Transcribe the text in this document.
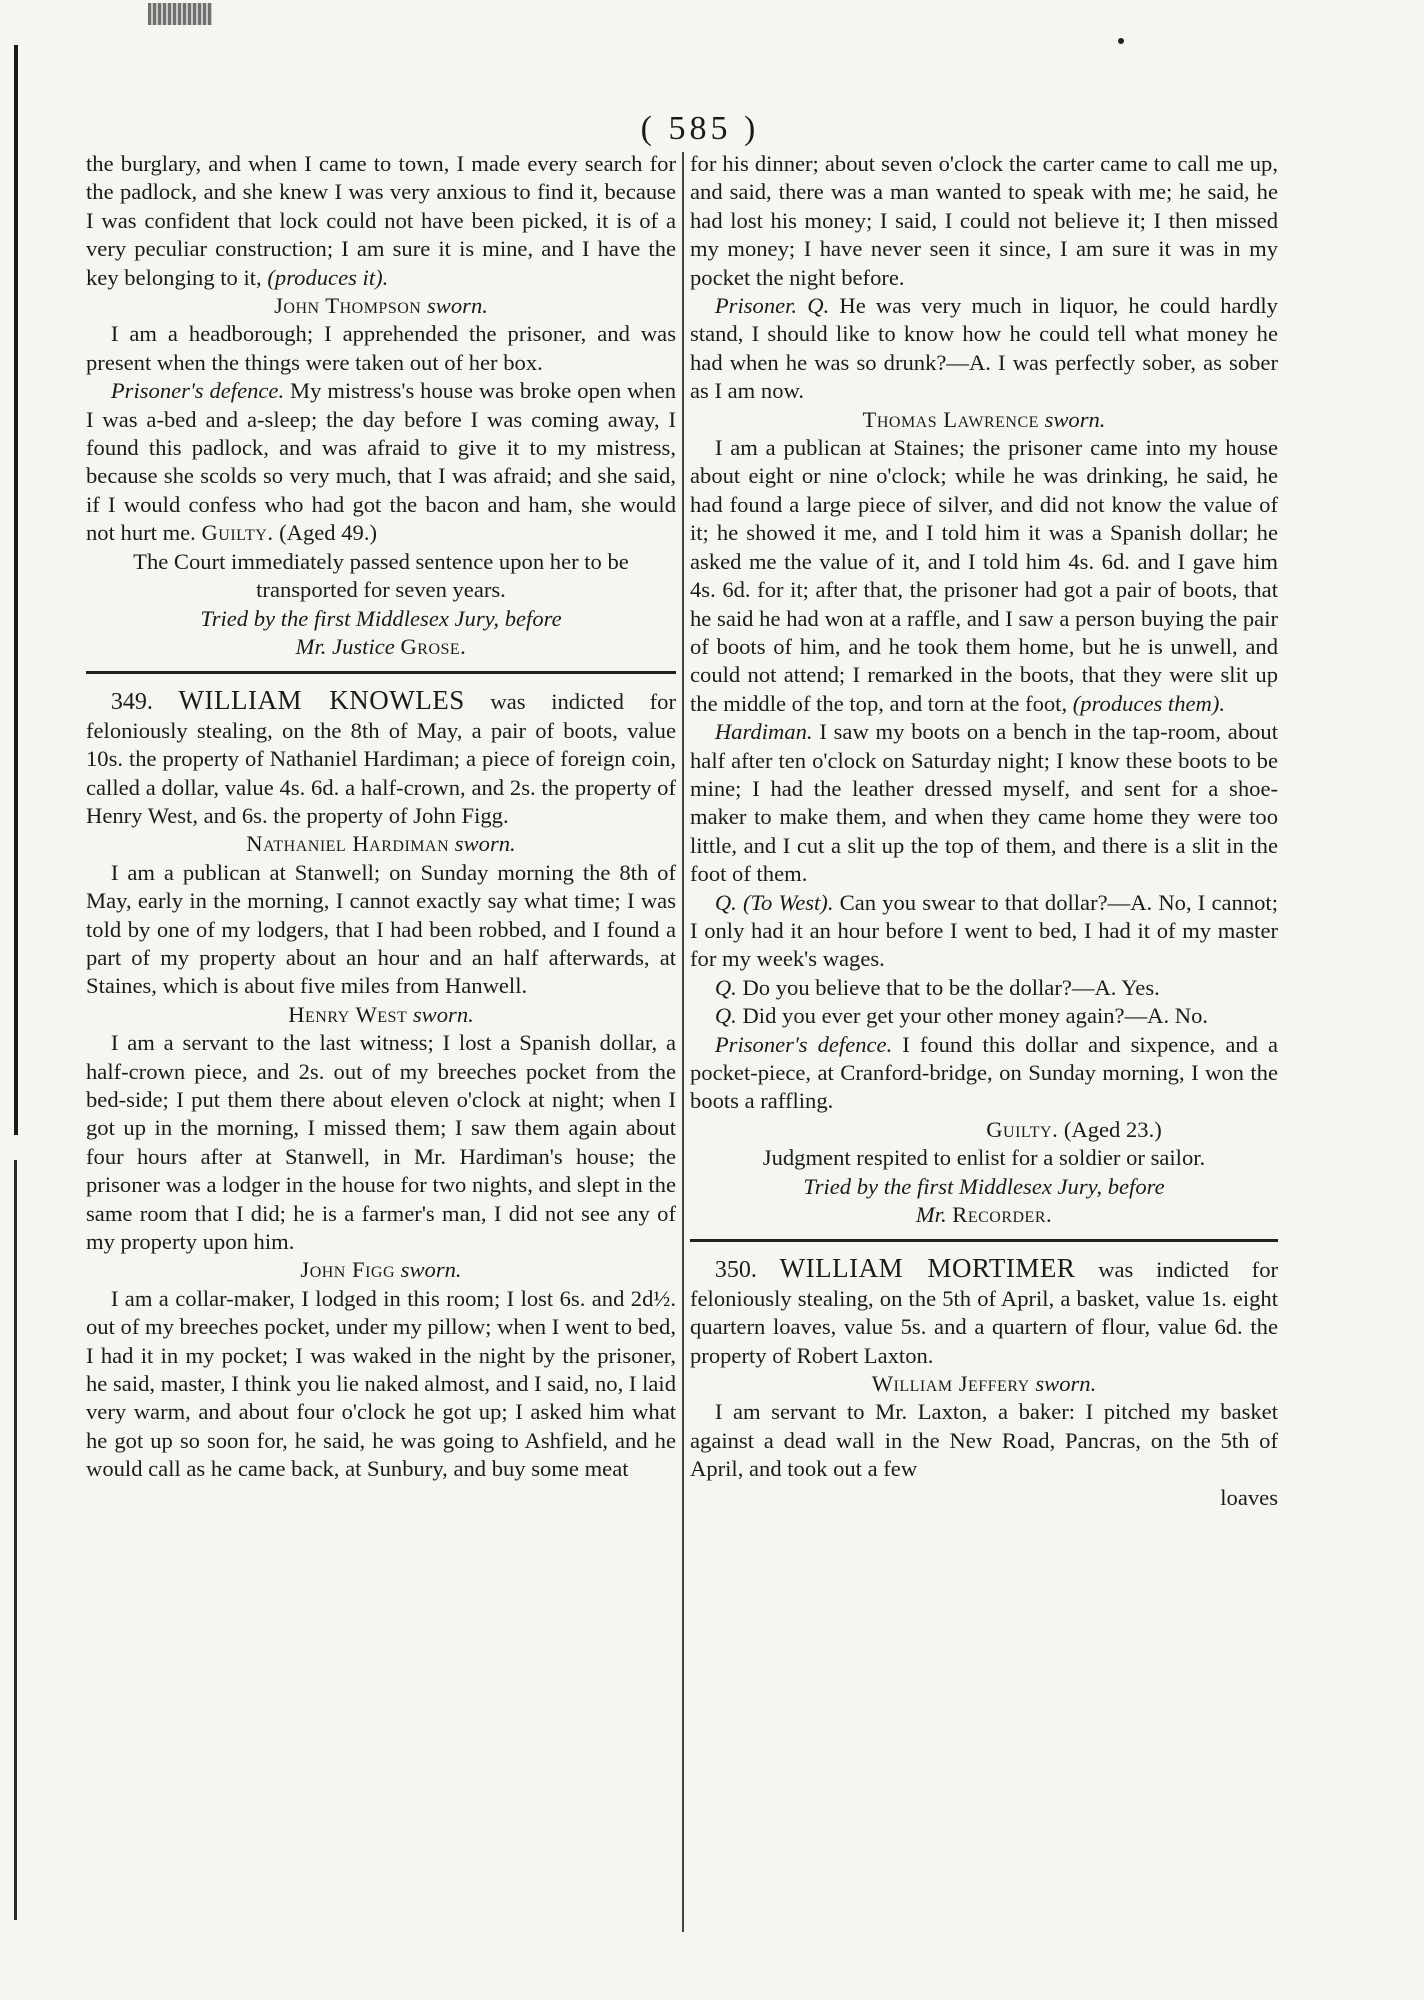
( 585 )

the burglary, and when I came to town, I made every search for the padlock, and she knew I was very anxious to find it, because I was confident that lock could not have been picked, it is of a very peculiar construction; I am sure it is mine, and I have the key belonging to it, (produces it).

John Thompson sworn.

I am a headborough; I apprehended the prisoner, and was present when the things were taken out of her box.

Prisoner's defence. My mistress's house was broke open when I was a-bed and a-sleep; the day before I was coming away, I found this padlock, and was afraid to give it to my mistress, because she scolds so very much, that I was afraid; and she said, if I would confess who had got the bacon and ham, she would not hurt me. Guilty. (Aged 49.)

The Court immediately passed sentence upon her to be transported for seven years.

Tried by the first Middlesex Jury, before
Mr. Justice Grose.

349. WILLIAM KNOWLES was indicted for feloniously stealing, on the 8th of May, a pair of boots, value 10s. the property of Nathaniel Hardiman; a piece of foreign coin, called a dollar, value 4s. 6d. a half-crown, and 2s. the property of Henry West, and 6s. the property of John Figg.

Nathaniel Hardiman sworn.

I am a publican at Stanwell; on Sunday morning the 8th of May, early in the morning, I cannot exactly say what time; I was told by one of my lodgers, that I had been robbed, and I found a part of my property about an hour and an half afterwards, at Staines, which is about five miles from Hanwell.

Henry West sworn.

I am a servant to the last witness; I lost a Spanish dollar, a half-crown piece, and 2s. out of my breeches pocket from the bed-side; I put them there about eleven o'clock at night; when I got up in the morning, I missed them; I saw them again about four hours after at Stanwell, in Mr. Hardiman's house; the prisoner was a lodger in the house for two nights, and slept in the same room that I did; he is a farmer's man, I did not see any of my property upon him.

John Figg sworn.

I am a collar-maker, I lodged in this room; I lost 6s. and 2d½. out of my breeches pocket, under my pillow; when I went to bed, I had it in my pocket; I was waked in the night by the prisoner, he said, master, I think you lie naked almost, and I said, no, I laid very warm, and about four o'clock he got up; I asked him what he got up so soon for, he said, he was going to Ashfield, and he would call as he came back, at Sunbury, and buy some meat

for his dinner; about seven o'clock the carter came to call me up, and said, there was a man wanted to speak with me; he said, he had lost his money; I said, I could not believe it; I then missed my money; I have never seen it since, I am sure it was in my pocket the night before.

Prisoner. Q. He was very much in liquor, he could hardly stand, I should like to know how he could tell what money he had when he was so drunk?—A. I was perfectly sober, as sober as I am now.

Thomas Lawrence sworn.

I am a publican at Staines; the prisoner came into my house about eight or nine o'clock; while he was drinking, he said, he had found a large piece of silver, and did not know the value of it; he showed it me, and I told him it was a Spanish dollar; he asked me the value of it, and I told him 4s. 6d. and I gave him 4s. 6d. for it; after that, the prisoner had got a pair of boots, that he said he had won at a raffle, and I saw a person buying the pair of boots of him, and he took them home, but he is unwell, and could not attend; I remarked in the boots, that they were slit up the middle of the top, and torn at the foot, (produces them).

Hardiman. I saw my boots on a bench in the tap-room, about half after ten o'clock on Saturday night; I know these boots to be mine; I had the leather dressed myself, and sent for a shoe-maker to make them, and when they came home they were too little, and I cut a slit up the top of them, and there is a slit in the foot of them.

Q. (To West). Can you swear to that dollar?—A. No, I cannot; I only had it an hour before I went to bed, I had it of my master for my week's wages.

Q. Do you believe that to be the dollar?—A. Yes.

Q. Did you ever get your other money again?—A. No.

Prisoner's defence. I found this dollar and sixpence, and a pocket-piece, at Cranford-bridge, on Sunday morning, I won the boots a raffling.

Guilty. (Aged 23.)

Judgment respited to enlist for a soldier or sailor.

Tried by the first Middlesex Jury, before
Mr. Recorder.

350. WILLIAM MORTIMER was indicted for feloniously stealing, on the 5th of April, a basket, value 1s. eight quartern loaves, value 5s. and a quartern of flour, value 6d. the property of Robert Laxton.

William Jeffery sworn.

I am servant to Mr. Laxton, a baker: I pitched my basket against a dead wall in the New Road, Pancras, on the 5th of April, and took out a few

loaves
